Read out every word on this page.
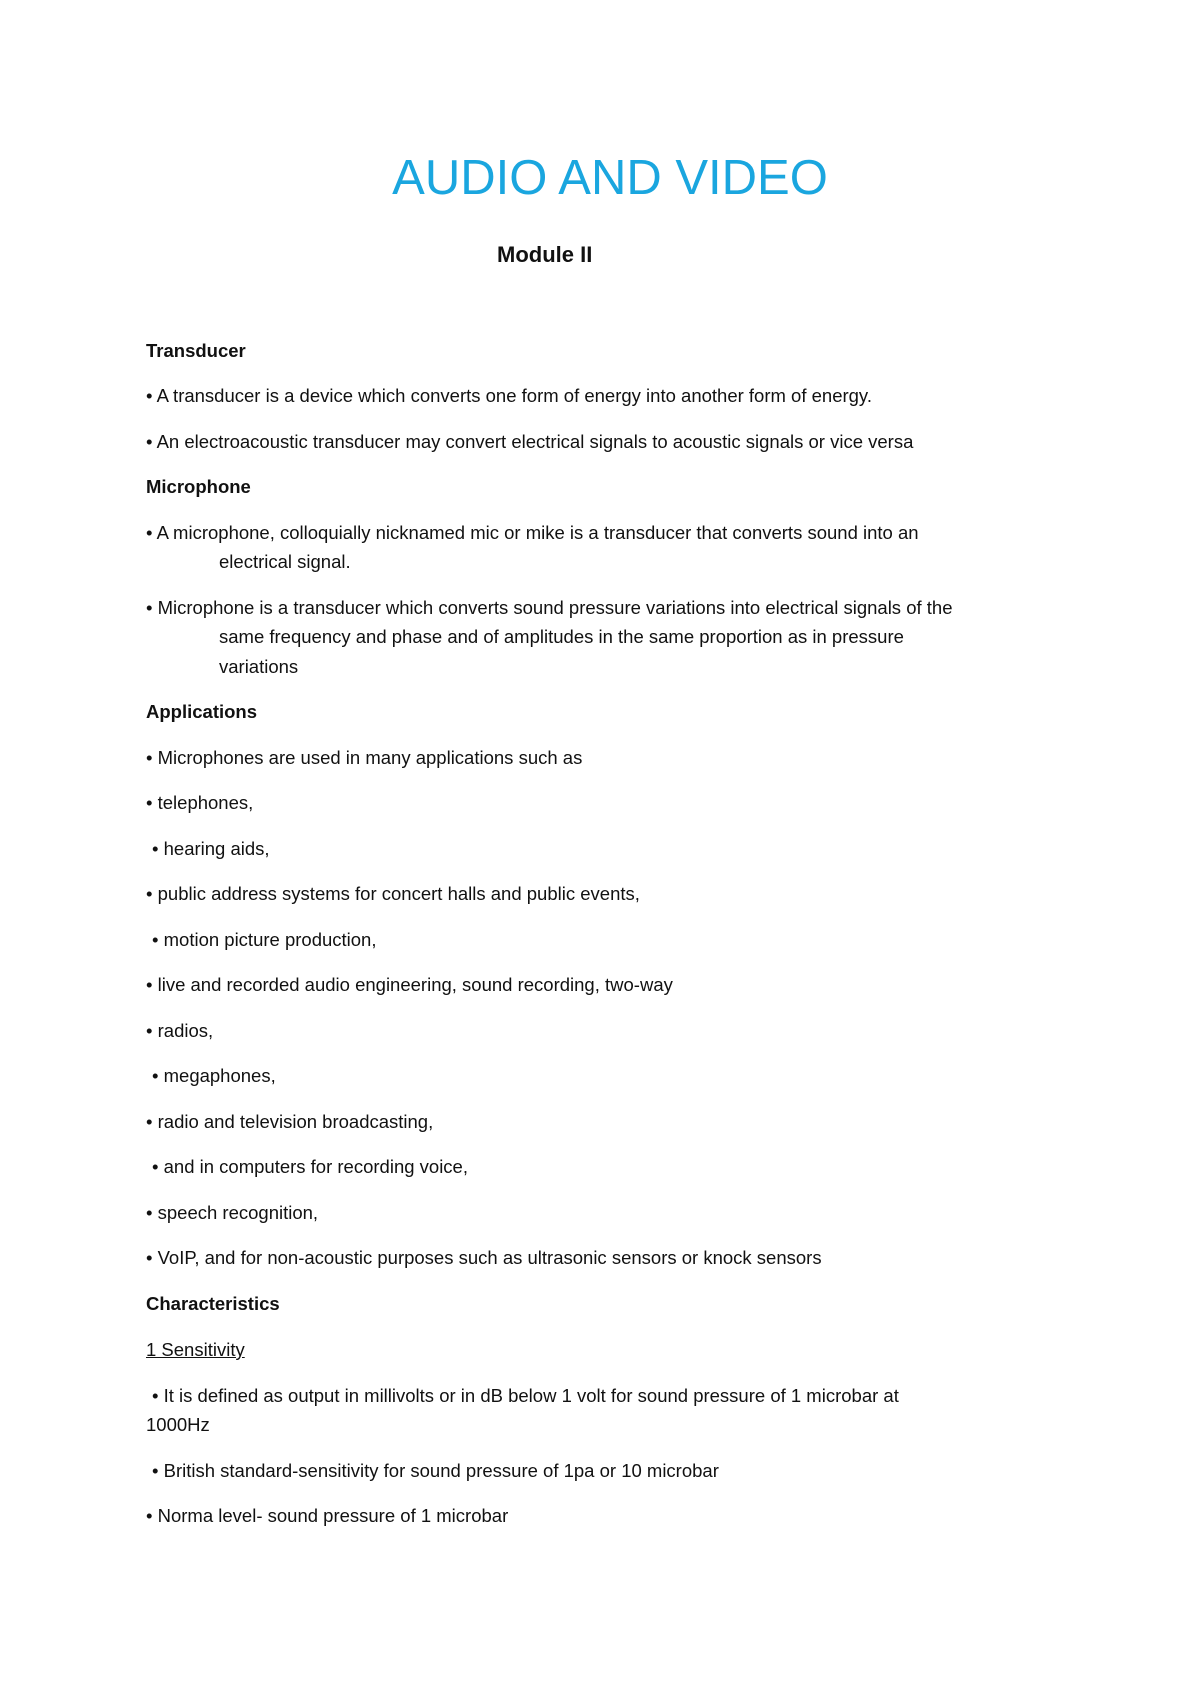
AUDIO AND VIDEO
Module II
Transducer
• A transducer is a device which converts one form of energy into another form of energy.
• An electroacoustic transducer may convert electrical signals to acoustic signals or vice versa
Microphone
• A microphone, colloquially nicknamed mic or mike is a transducer that converts sound into an
electrical signal.
• Microphone is a transducer which converts sound pressure variations into electrical signals of the
same frequency and phase and of amplitudes in the same proportion as in pressure
variations
Applications
• Microphones are used in many applications such as
• telephones,
• hearing aids,
• public address systems for concert halls and public events,
• motion picture production,
• live and recorded audio engineering, sound recording, two-way
• radios,
• megaphones,
• radio and television broadcasting,
• and in computers for recording voice,
• speech recognition,
• VoIP, and for non-acoustic purposes such as ultrasonic sensors or knock sensors
Characteristics
1 Sensitivity
• It is defined as output in millivolts or in dB below 1 volt for sound pressure of 1 microbar at
1000Hz
• British standard-sensitivity for sound pressure of 1pa or 10 microbar
• Norma level- sound pressure of 1 microbar
